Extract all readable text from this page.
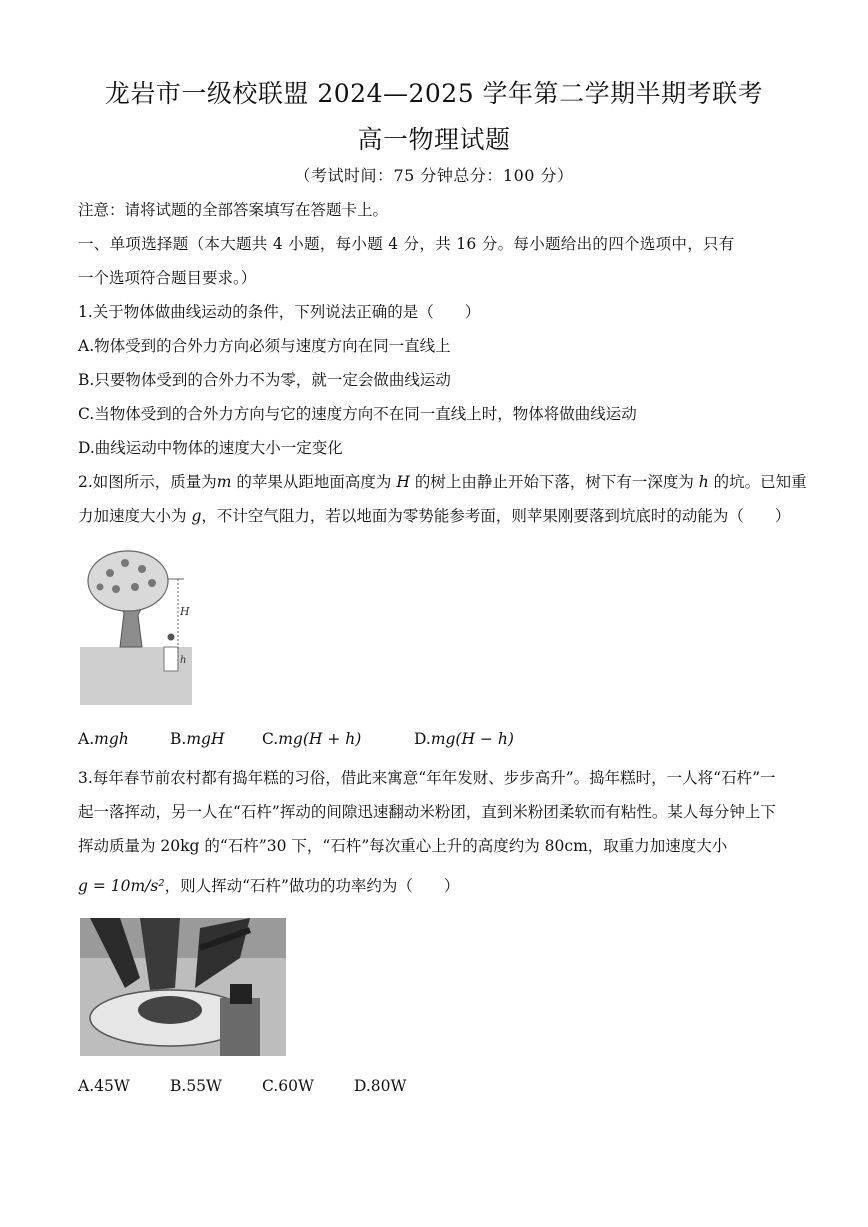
龙岩市一级校联盟 2024—2025 学年第二学期半期考联考
高一物理试题
（考试时间：75 分钟总分：100 分）
注意：请将试题的全部答案填写在答题卡上。
一、单项选择题（本大题共 4 小题，每小题 4 分，共 16 分。每小题给出的四个选项中，只有
一个选项符合题目要求。）
1.关于物体做曲线运动的条件，下列说法正确的是（　　）
A.物体受到的合外力方向必须与速度方向在同一直线上
B.只要物体受到的合外力不为零，就一定会做曲线运动
C.当物体受到的合外力方向与它的速度方向不在同一直线上时，物体将做曲线运动
D.曲线运动中物体的速度大小一定变化
2.如图所示，质量为m 的苹果从距地面高度为 H 的树上由静止开始下落，树下有一深度为 h 的坑。已知重
力加速度大小为 g，不计空气阻力，若以地面为零势能参考面，则苹果刚要落到坑底时的动能为（　　）
H
h
A.mgh	B.mgH C.mg(H + h)	D.mg(H − h)
3.每年春节前农村都有捣年糕的习俗，借此来寓意“年年发财、步步高升”。捣年糕时，一人将“石杵”一
起一落挥动，另一人在“石杵”挥动的间隙迅速翻动米粉团，直到米粉团柔软而有粘性。某人每分钟上下
挥动质量为 20kg 的“石杵”30 下，“石杵”每次重心上升的高度约为 80cm，取重力加速度大小
g = 10m/s²，则人挥动“石杵”做功的功率约为（　　）
A.45W	B.55W	C.60W	D.80W
